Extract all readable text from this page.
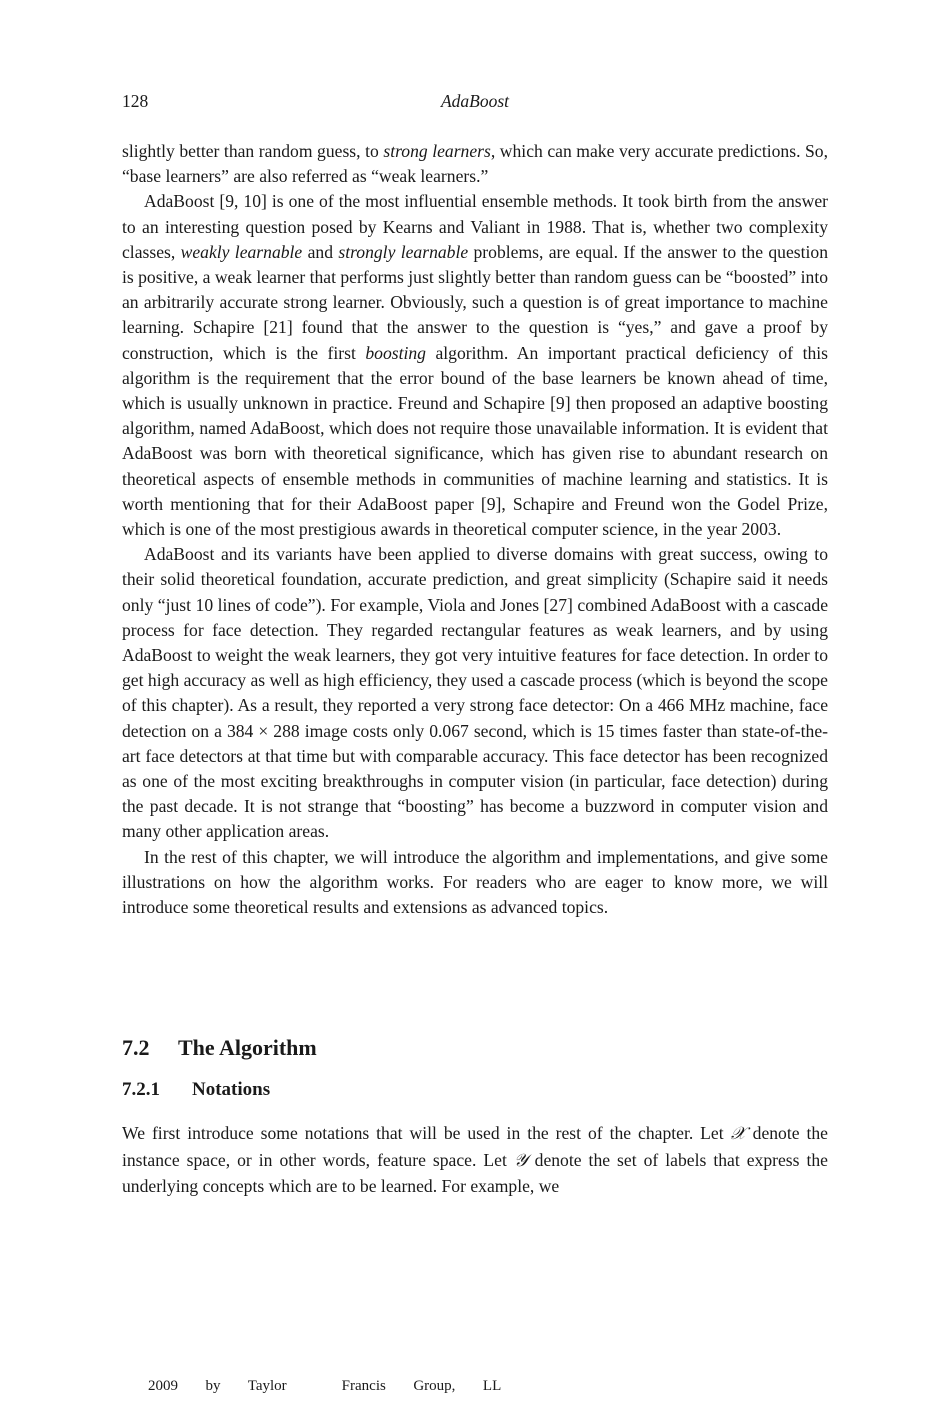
128	AdaBoost

slightly better than random guess, to strong learners, which can make very accurate predictions. So, “base learners” are also referred as “weak learners.”

AdaBoost [9, 10] is one of the most influential ensemble methods. It took birth from the answer to an interesting question posed by Kearns and Valiant in 1988. That is, whether two complexity classes, weakly learnable and strongly learnable problems, are equal. If the answer to the question is positive, a weak learner that performs just slightly better than random guess can be “boosted” into an arbitrarily accurate strong learner. Obviously, such a question is of great importance to machine learning. Schapire [21] found that the answer to the question is “yes,” and gave a proof by construction, which is the first boosting algorithm. An important practical deficiency of this algorithm is the requirement that the error bound of the base learners be known ahead of time, which is usually unknown in practice. Freund and Schapire [9] then proposed an adaptive boosting algorithm, named AdaBoost, which does not require those unavailable information. It is evident that AdaBoost was born with theoretical significance, which has given rise to abundant research on theoretical aspects of ensemble methods in communities of machine learning and statistics. It is worth mentioning that for their AdaBoost paper [9], Schapire and Freund won the Godel Prize, which is one of the most prestigious awards in theoretical computer science, in the year 2003.

AdaBoost and its variants have been applied to diverse domains with great success, owing to their solid theoretical foundation, accurate prediction, and great simplicity (Schapire said it needs only “just 10 lines of code”). For example, Viola and Jones [27] combined AdaBoost with a cascade process for face detection. They regarded rectangular features as weak learners, and by using AdaBoost to weight the weak learners, they got very intuitive features for face detection. In order to get high accuracy as well as high efficiency, they used a cascade process (which is beyond the scope of this chapter). As a result, they reported a very strong face detector: On a 466 MHz machine, face detection on a 384 × 288 image costs only 0.067 second, which is 15 times faster than state-of-the-art face detectors at that time but with comparable accuracy. This face detector has been recognized as one of the most exciting breakthroughs in computer vision (in particular, face detection) during the past decade. It is not strange that “boosting” has become a buzzword in computer vision and many other application areas.

In the rest of this chapter, we will introduce the algorithm and implementations, and give some illustrations on how the algorithm works. For readers who are eager to know more, we will introduce some theoretical results and extensions as advanced topics.

7.2 The Algorithm
7.2.1 Notations

We first introduce some notations that will be used in the rest of the chapter. Let 𝒳 denote the instance space, or in other words, feature space. Let 𝒴 denote the set of labels that express the underlying concepts which are to be learned. For example, we

2009  by  Taylor    Francis  Group,  LL
